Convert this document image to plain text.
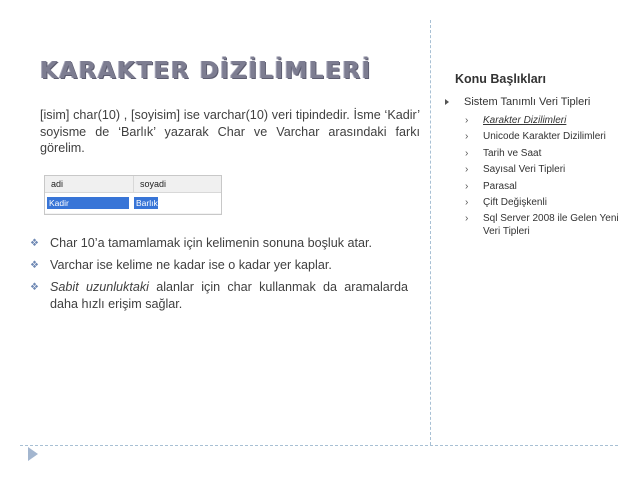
KARAKTER DİZİLİMLERİ

[isim] char(10) , [soyisim] ise varchar(10) veri tipindedir. İsme ‘Kadir’ soyisme de ‘Barlık’ yazarak Char ve Varchar arasındaki farkı görelim.

adi	soyadi
Kadir	Barlık
❖ Char 10’a tamamlamak için kelimenin sonuna boşluk atar.
❖ Varchar ise kelime ne kadar ise o kadar yer kaplar.
❖ Sabit uzunluktaki alanlar için char kullanmak da aramalarda daha hızlı erişim sağlar.
Konu Başlıkları
Sistem Tanımlı Veri Tipleri
› Karakter Dizilimleri
› Unicode Karakter Dizilimleri
› Tarih ve Saat
› Sayısal Veri Tipleri
› Parasal
› Çift Değişkenli
› Sql Server 2008 ile Gelen Yeni Veri Tipleri
